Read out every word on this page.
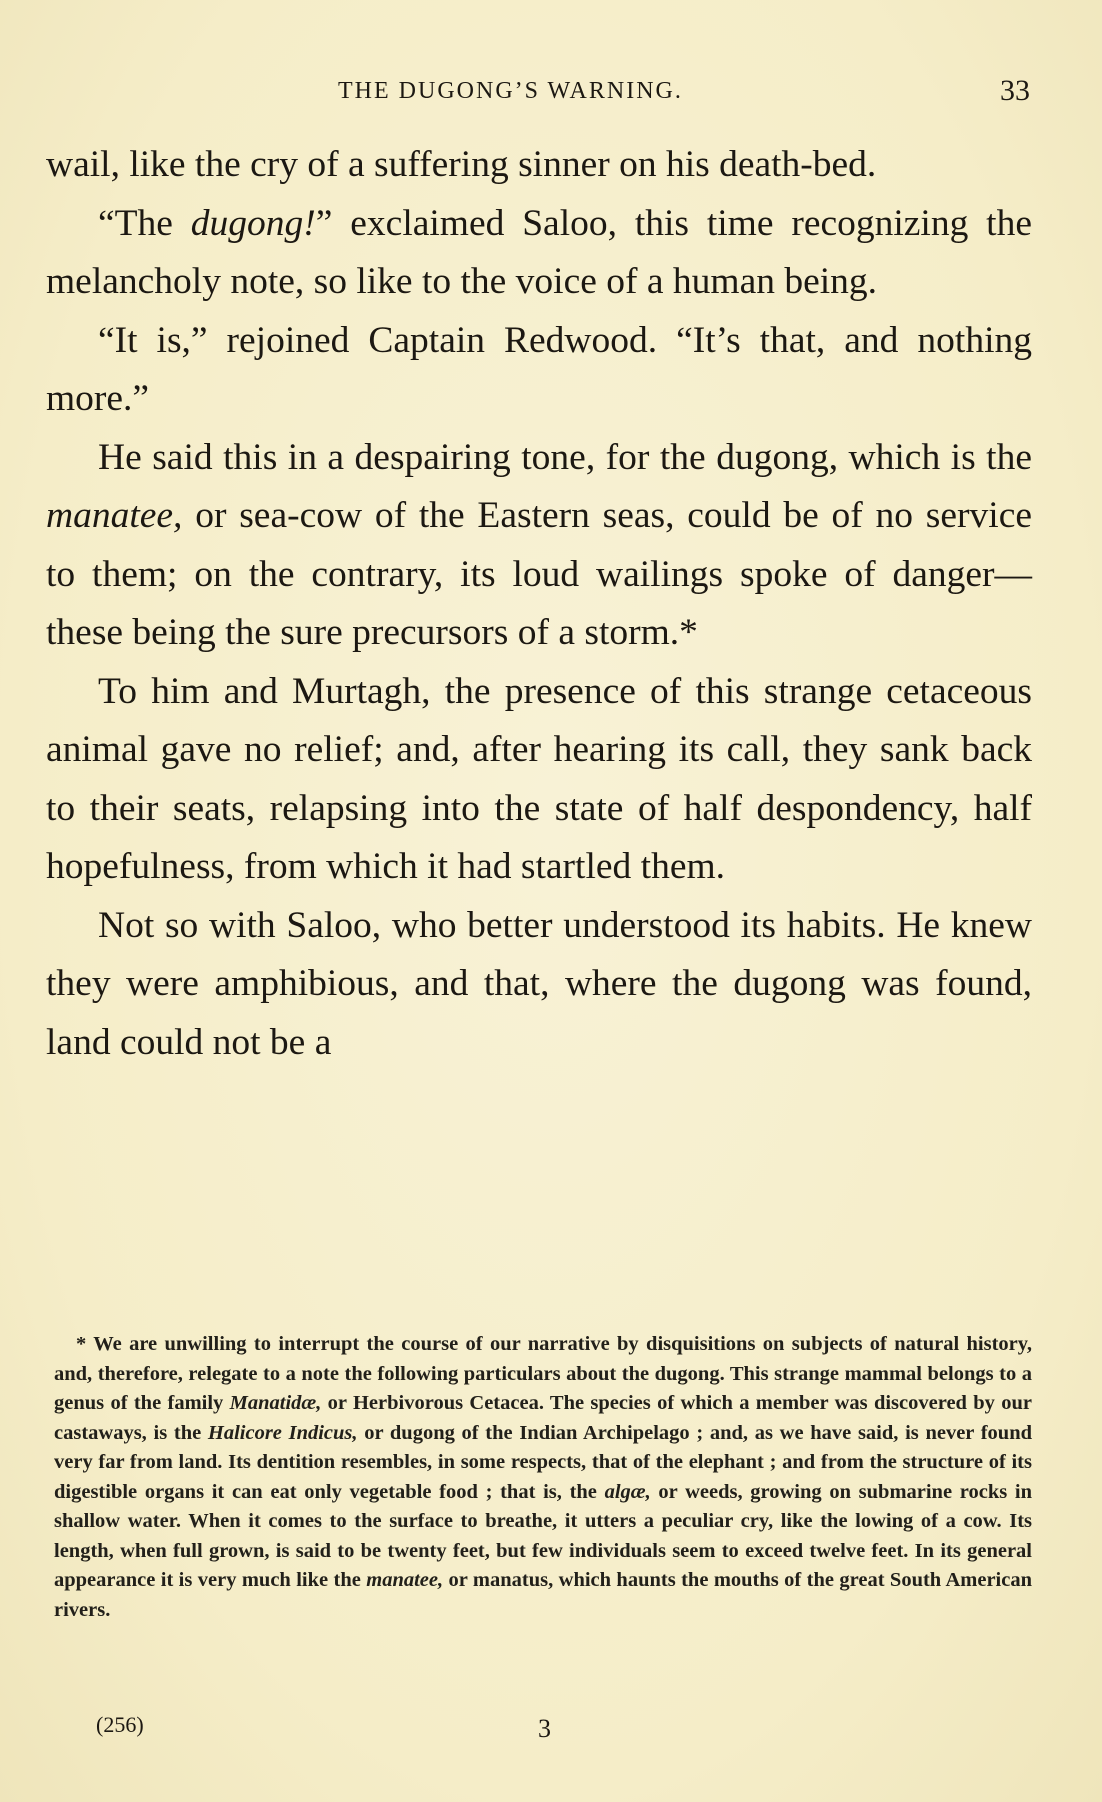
THE DUGONG’S WARNING.	33

wail, like the cry of a suffering sinner on his death-bed.

“The dugong!” exclaimed Saloo, this time recognizing the melancholy note, so like to the voice of a human being.

“It is,” rejoined Captain Redwood. “It’s that, and nothing more.”

He said this in a despairing tone, for the dugong, which is the manatee, or sea-cow of the Eastern seas, could be of no service to them; on the contrary, its loud wailings spoke of danger—these being the sure precursors of a storm.*

To him and Murtagh, the presence of this strange cetaceous animal gave no relief; and, after hearing its call, they sank back to their seats, relapsing into the state of half despondency, half hopefulness, from which it had startled them.

Not so with Saloo, who better understood its habits. He knew they were amphibious, and that, where the dugong was found, land could not be a

* We are unwilling to interrupt the course of our narrative by disquisitions on subjects of natural history, and, therefore, relegate to a note the following particulars about the dugong. This strange mammal belongs to a genus of the family Manatidæ, or Herbivorous Cetacea. The species of which a member was discovered by our castaways, is the Halicore Indicus, or dugong of the Indian Archipelago ; and, as we have said, is never found very far from land. Its dentition resembles, in some respects, that of the elephant ; and from the structure of its digestible organs it can eat only vegetable food ; that is, the algæ, or weeds, growing on submarine rocks in shallow water. When it comes to the surface to breathe, it utters a peculiar cry, like the lowing of a cow. Its length, when full grown, is said to be twenty feet, but few individuals seem to exceed twelve feet. In its general appearance it is very much like the manatee, or manatus, which haunts the mouths of the great South American rivers.

(256)	3
